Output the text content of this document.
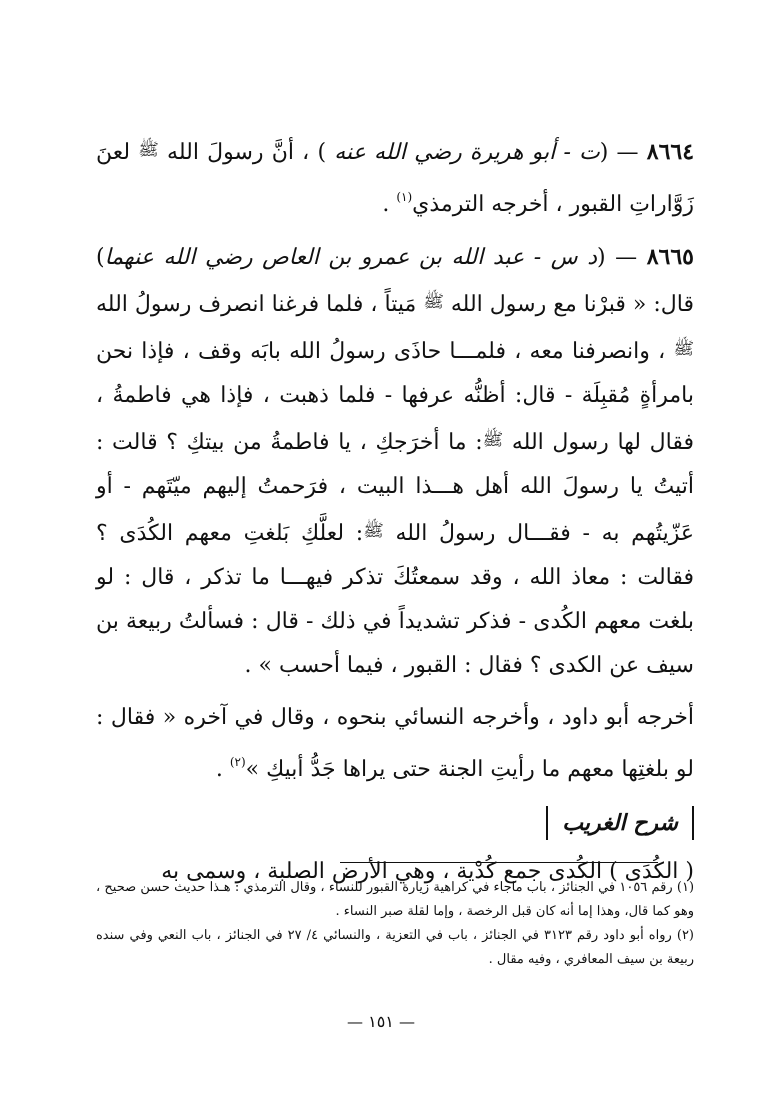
٨٦٦٤ — (ت - أبو هريرة رضي الله عنه ) ، أنَّ رسولَ الله ﷺ لعنَ زَوَّاراتِ القبور ، أخرجه الترمذي$^{(١)}$ .

٨٦٦٥ — (د س - عبد الله بن عمرو بن العاص رضي الله عنهما) قال: « قبرْنا مع رسول الله ﷺ مَيتاً ، فلما فرغنا انصرف رسولُ الله ﷺ ، وانصرفنا معه ، فلمـــا حاذَى رسولُ الله بابَه وقف ، فإذا نحن بامرأةٍ مُقبِلَة - قال: أظنُّه عرفها - فلما ذهبت ، فإذا هي فاطمةُ ، فقال لها رسول الله ﷺ: ما أخرَجكِ ، يا فاطمةُ من بيتكِ ؟ قالت : أتيتُ يا رسولَ الله أهل هـــذا البيت ، فرَحمتُ إليهم ميّتَهم - أو عَزّيتُهم به - فقـــال رسولُ الله ﷺ: لعلَّكِ بَلغتِ معهم الكُدَى ؟ فقالت : معاذ الله ، وقد سمعتُكَ تذكر فيهـــا ما تذكر ، قال : لو بلغت معهم الكُدى - فذكر تشديداً في ذلك - قال : فسألتُ ربيعة بن سيف عن الكدى ؟ فقال : القبور ، فيما أحسب » .

أخرجه أبو داود ، وأخرجه النسائي بنحوه ، وقال في آخره « فقال : لو بلغتِها معهم ما رأيتِ الجنة حتى يراها جَدُّ أبيكِ »$^{(٢)}$ .

شرح الغريب

( الكُدَى ) الكُدى جمع كُدْية ، وهي الأرض الصلبة ، وسمى به

(١) رقم ١٠٥٦ في الجنائز ، باب ماجاء في كراهية زيارة القبور للنساء ، وقال الترمذي : هـذا حديث حسن صحيح ، وهو كما قال، وهذا إما أنه كان قبل الرخصة ، وإما لقلة صبر النساء .

(٢) رواه أبو داود رقم ٣١٢٣ في الجنائز ، باب في التعزية ، والنسائي ٤/ ٢٧ في الجنائز ، باب النعي وفي سنده ربيعة بن سيف المعافري ، وفيه مقال .

— ١٥١ —
